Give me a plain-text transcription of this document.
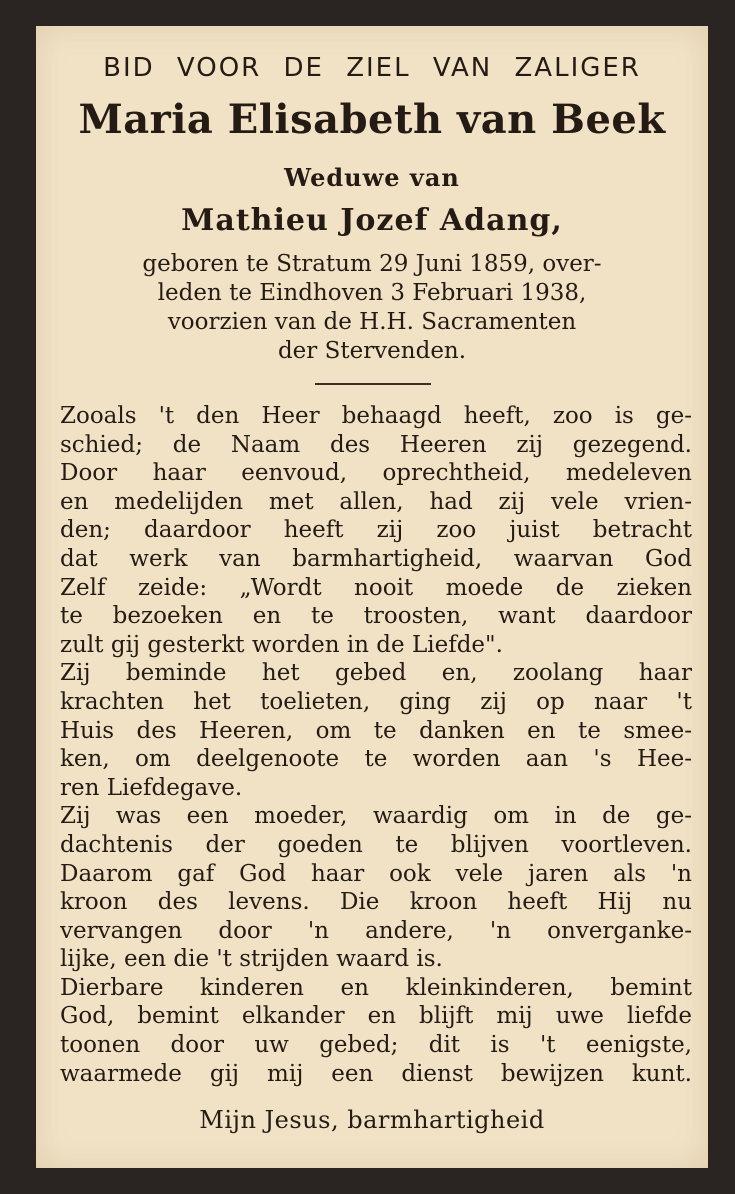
BID VOOR DE ZIEL VAN ZALIGER
Maria Elisabeth van Beek
Weduwe van
Mathieu Jozef Adang,
geboren te Stratum 29 Juni 1859, over-
leden te Eindhoven 3 Februari 1938,
voorzien van de H.H. Sacramenten
der Stervenden.
Zooals 't den Heer behaagd heeft, zoo is ge-
schied; de Naam des Heeren zij gezegend.
Door haar eenvoud, oprechtheid, medeleven
en medelijden met allen, had zij vele vrien-
den; daardoor heeft zij zoo juist betracht
dat werk van barmhartigheid, waarvan God
Zelf zeide: „Wordt nooit moede de zieken
te bezoeken en te troosten, want daardoor
zult gij gesterkt worden in de Liefde".
Zij beminde het gebed en, zoolang haar
krachten het toelieten, ging zij op naar 't
Huis des Heeren, om te danken en te smee-
ken, om deelgenoote te worden aan 's Hee-
ren Liefdegave.
Zij was een moeder, waardig om in de ge-
dachtenis der goeden te blijven voortleven.
Daarom gaf God haar ook vele jaren als 'n
kroon des levens. Die kroon heeft Hij nu
vervangen door 'n andere, 'n onverganke-
lijke, een die 't strijden waard is.
Dierbare kinderen en kleinkinderen, bemint
God, bemint elkander en blijft mij uwe liefde
toonen door uw gebed; dit is 't eenigste,
waarmede gij mij een dienst bewijzen kunt.
Mijn Jesus, barmhartigheid
